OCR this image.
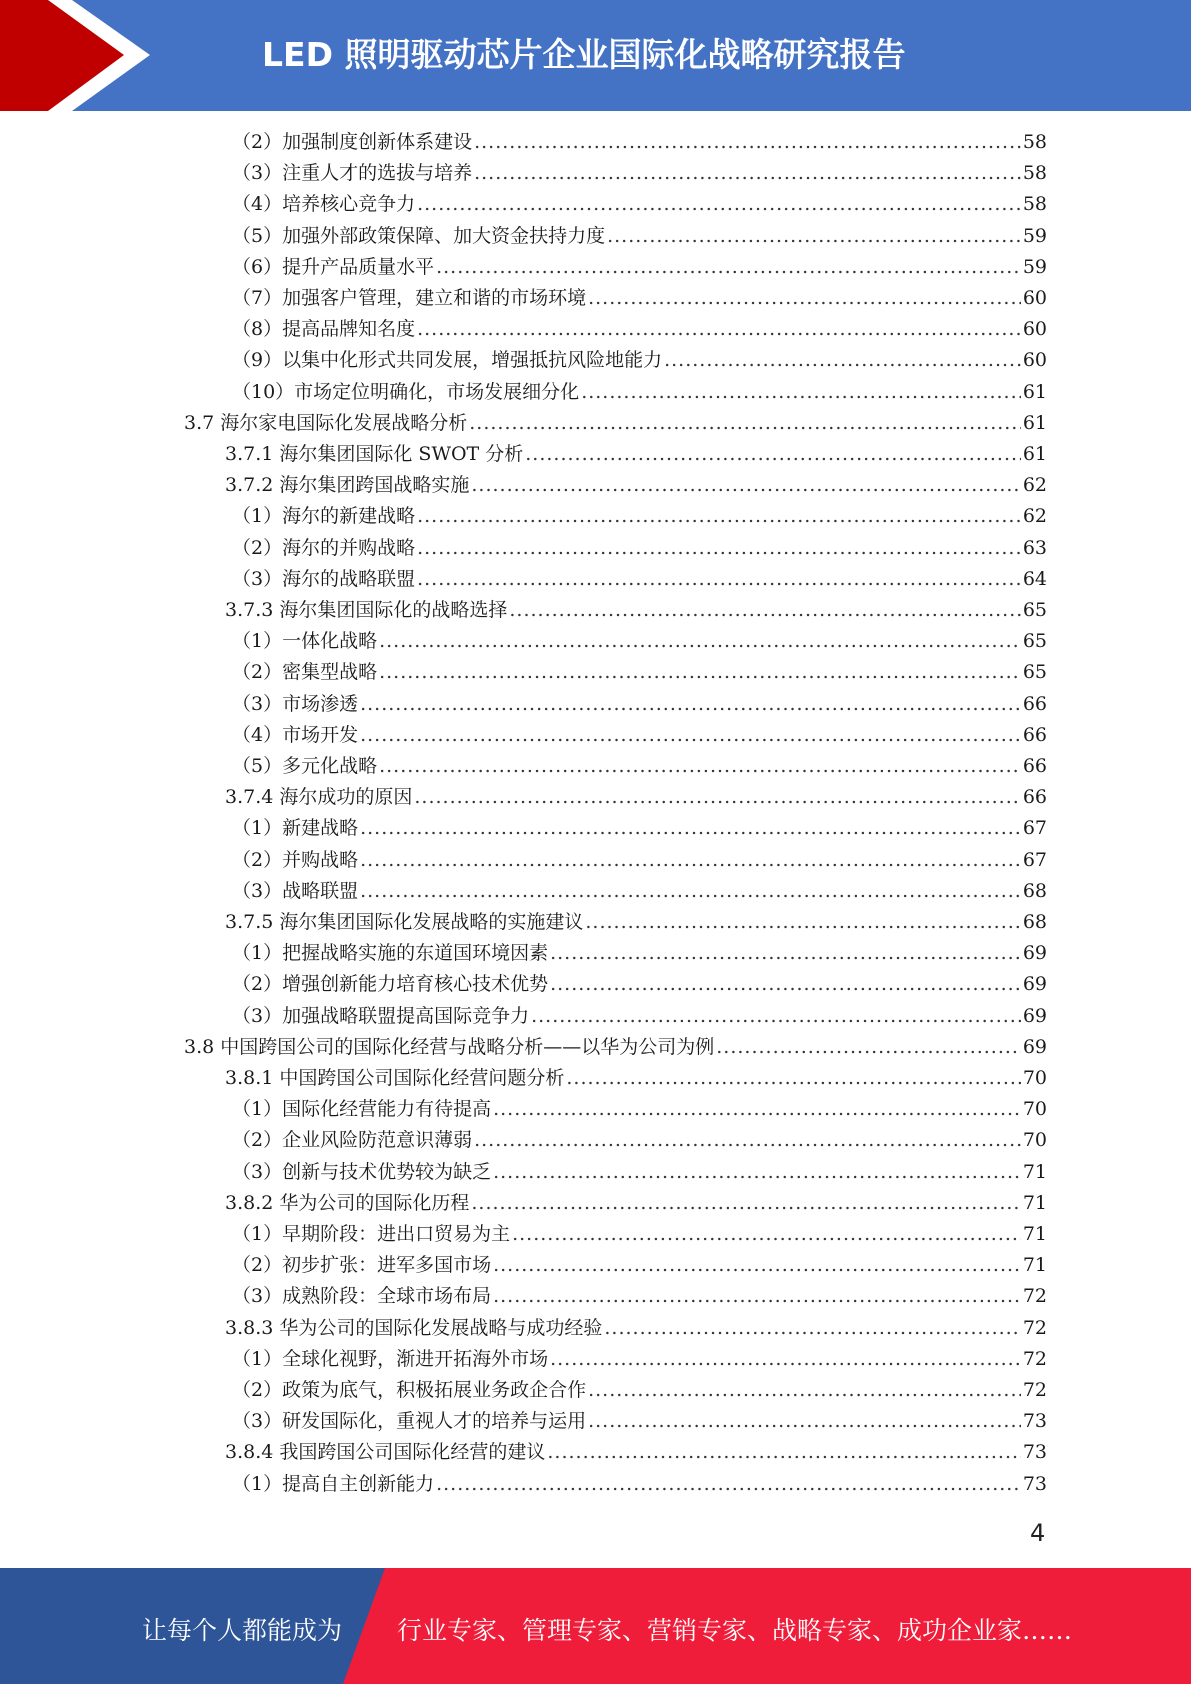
LED 照明驱动芯片企业国际化战略研究报告
（2）加强制度创新体系建设 .....	58
（3）注重人才的选拔与培养 .....	58
（4）培养核心竞争力 .....	58
（5）加强外部政策保障、加大资金扶持力度 .....	59
（6）提升产品质量水平 .....	59
（7）加强客户管理，建立和谐的市场环境 .....	60
（8）提高品牌知名度 .....	60
（9）以集中化形式共同发展，增强抵抗风险地能力 .....	60
（10）市场定位明确化，市场发展细分化 .....	61
3.7 海尔家电国际化发展战略分析 .....	61
3.7.1 海尔集团国际化 SWOT 分析 .....	61
3.7.2 海尔集团跨国战略实施 .....	62
（1）海尔的新建战略 .....	62
（2）海尔的并购战略 .....	63
（3）海尔的战略联盟 .....	64
3.7.3 海尔集团国际化的战略选择 .....	65
（1）一体化战略 .....	65
（2）密集型战略 .....	65
（3）市场渗透 .....	66
（4）市场开发 .....	66
（5）多元化战略 .....	66
3.7.4 海尔成功的原因 .....	66
（1）新建战略 .....	67
（2）并购战略 .....	67
（3）战略联盟 .....	68
3.7.5 海尔集团国际化发展战略的实施建议 .....	68
（1）把握战略实施的东道国环境因素 .....	69
（2）增强创新能力培育核心技术优势 .....	69
（3）加强战略联盟提高国际竞争力 .....	69
3.8 中国跨国公司的国际化经营与战略分析——以华为公司为例 .....	69
3.8.1 中国跨国公司国际化经营问题分析 .....	70
（1）国际化经营能力有待提高 .....	70
（2）企业风险防范意识薄弱 .....	70
（3）创新与技术优势较为缺乏 .....	71
3.8.2 华为公司的国际化历程 .....	71
（1）早期阶段：进出口贸易为主 .....	71
（2）初步扩张：进军多国市场 .....	71
（3）成熟阶段：全球市场布局 .....	72
3.8.3 华为公司的国际化发展战略与成功经验 .....	72
（1）全球化视野，渐进开拓海外市场 .....	72
（2）政策为底气，积极拓展业务政企合作 .....	72
（3）研发国际化，重视人才的培养与运用 .....	73
3.8.4 我国跨国公司国际化经营的建议 .....	73
（1）提高自主创新能力 .....	73
4
让每个人都能成为 行业专家、管理专家、营销专家、战略专家、成功企业家……
